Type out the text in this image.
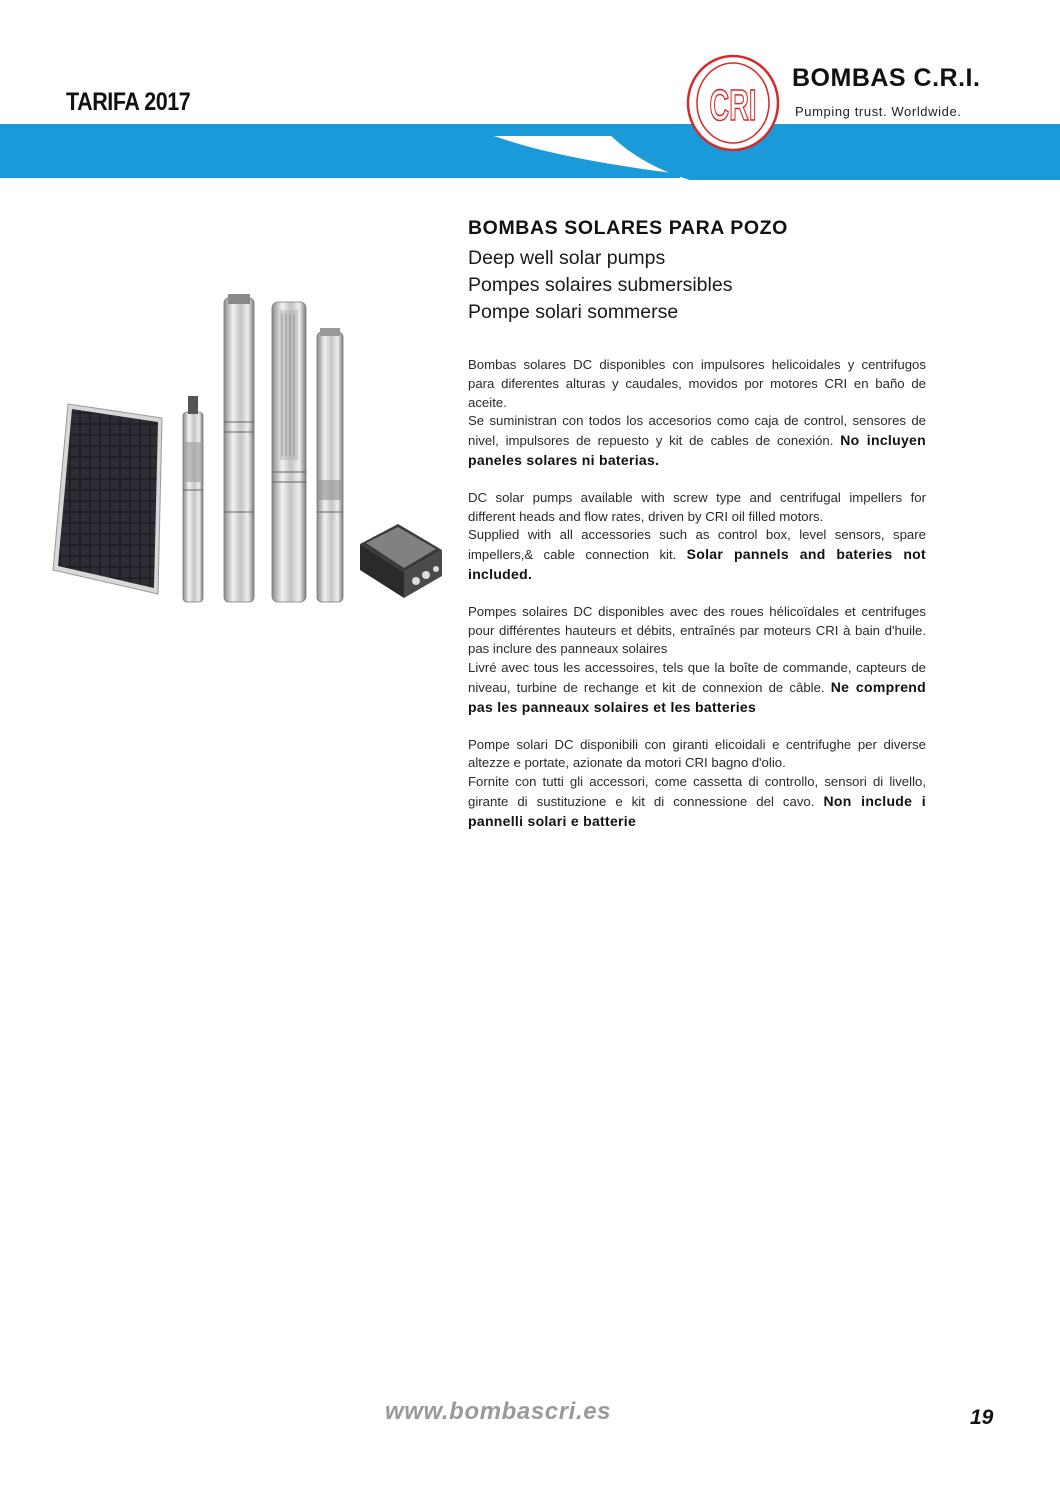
TARIFA 2017	CRI
BOMBAS C.R.I.
Pumping trust. Worldwide.
BOMBAS SOLARES PARA POZO

Deep well solar pumps

Pompes solaires submersibles

Pompe solari sommerse

Bombas solares DC disponibles con impulsores helicoidales y centrifugos para diferentes alturas y caudales, movidos por motores CRI en baño de aceite.
Se suministran con todos los accesorios como caja de control, sensores de nivel, impulsores de repuesto y kit de cables de conexión. No incluyen paneles solares ni baterias.
DC solar pumps available with screw type and centrifugal impellers for different heads and flow rates, driven by CRI oil filled motors.
Supplied with all accessories such as control box, level sensors, spare impellers,& cable connection kit. Solar pannels and bateries not included.
Pompes solaires DC disponibles avec des roues hélicoïdales et centrifuges pour différentes hauteurs et débits, entraînés par moteurs CRI à bain d'huile. pas inclure des panneaux solaires
Livré avec tous les accessoires, tels que la boîte de commande, capteurs de niveau, turbine de rechange et kit de connexion de câble. Ne comprend pas les panneaux solaires et les batteries
Pompe solari DC disponibili con giranti elicoidali e centrifughe per diverse altezze e portate, azionate da motori CRI bagno d'olio.
Fornite con tutti gli accessori, come cassetta di controllo, sensori di livello, girante di sustituzione e kit di connessione del cavo. Non include i pannelli solari e batterie
www.bombascri.es	19
